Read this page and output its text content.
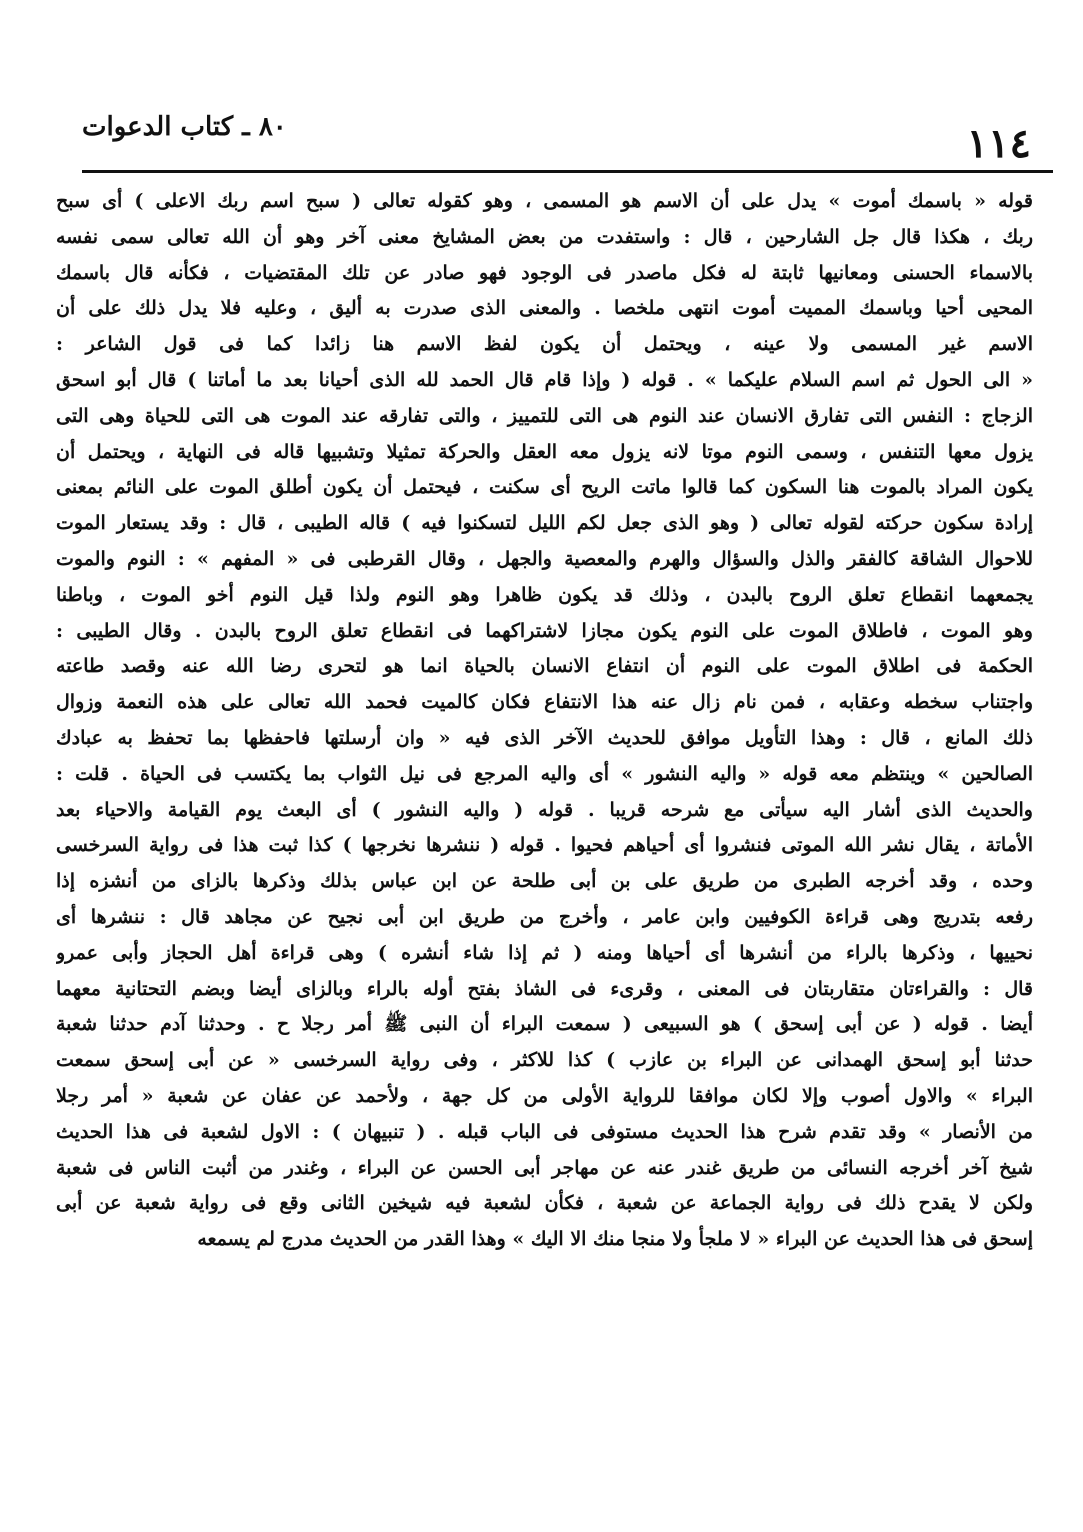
١١٤
٨٠ ـ كتاب الدعوات
قوله « باسمك أموت » يدل على أن الاسم هو المسمى ، وهو كقوله تعالى ( سبح اسم ربك الاعلى ) أى سبح
ربك ، هكذا قال جل الشارحين ، قال : واستفدت من بعض المشايخ معنى آخر وهو أن الله تعالى سمى نفسه
بالاسماء الحسنى ومعانيها ثابتة له فكل ماصدر فى الوجود فهو صادر عن تلك المقتضيات ، فكأنه قال باسمك
المحيى أحيا وباسمك المميت أموت انتهى ملخصا . والمعنى الذى صدرت به أليق ، وعليه فلا يدل ذلك على أن
الاسم غير المسمى ولا عينه ، ويحتمل أن يكون لفظ الاسم هنا زائدا كما فى قول الشاعر :
« الى الحول ثم اسم السلام عليكما » . قوله ( وإذا قام قال الحمد لله الذى أحيانا بعد ما أماتنا ) قال أبو اسحق
الزجاج : النفس التى تفارق الانسان عند النوم هى التى للتمييز ، والتى تفارقه عند الموت هى التى للحياة وهى التى
يزول معها التنفس ، وسمى النوم موتا لانه يزول معه العقل والحركة تمثيلا وتشبيها قاله فى النهاية ، ويحتمل أن
يكون المراد بالموت هنا السكون كما قالوا ماتت الريح أى سكنت ، فيحتمل أن يكون أطلق الموت على النائم بمعنى
إرادة سكون حركته لقوله تعالى ( وهو الذى جعل لكم الليل لتسكنوا فيه ) قاله الطيبى ، قال : وقد يستعار الموت
للاحوال الشاقة كالفقر والذل والسؤال والهرم والمعصية والجهل ، وقال القرطبى فى « المفهم » : النوم والموت
يجمعهما انقطاع تعلق الروح بالبدن ، وذلك قد يكون ظاهرا وهو النوم ولذا قيل النوم أخو الموت ، وباطنا
وهو الموت ، فاطلاق الموت على النوم يكون مجازا لاشتراكهما فى انقطاع تعلق الروح بالبدن . وقال الطيبى :
الحكمة فى اطلاق الموت على النوم أن انتفاع الانسان بالحياة انما هو لتحرى رضا الله عنه وقصد طاعته
واجتناب سخطه وعقابه ، فمن نام زال عنه هذا الانتفاع فكان كالميت فحمد الله تعالى على هذه النعمة وزوال
ذلك المانع ، قال : وهذا التأويل موافق للحديث الآخر الذى فيه « وان أرسلتها فاحفظها بما تحفظ به عبادك
الصالحين » وينتظم معه قوله « واليه النشور » أى واليه المرجع فى نيل الثواب بما يكتسب فى الحياة . قلت :
والحديث الذى أشار اليه سيأتى مع شرحه قريبا . قوله ( واليه النشور ) أى البعث يوم القيامة والاحياء بعد
الأماتة ، يقال نشر الله الموتى فنشروا أى أحياهم فحيوا . قوله ( ننشرها نخرجها ) كذا ثبت هذا فى رواية السرخسى
وحده ، وقد أخرجه الطبرى من طريق على بن أبى طلحة عن ابن عباس بذلك وذكرها بالزاى من أنشزه إذا
رفعه بتدريج وهى قراءة الكوفيين وابن عامر ، وأخرج من طريق ابن أبى نجيح عن مجاهد قال : ننشرها أى
نحييها ، وذكرها بالراء من أنشرها أى أحياها ومنه ( ثم إذا شاء أنشره ) وهى قراءة أهل الحجاز وأبى عمرو
قال : والقراءتان متقاربتان فى المعنى ، وقرىء فى الشاذ بفتح أوله بالراء وبالزاى أيضا وبضم التحتانية معهما
أيضا . قوله ( عن أبى إسحق ) هو السبيعى ( سمعت البراء أن النبى ﷺ أمر رجلا ح . وحدثنا آدم حدثنا شعبة
حدثنا أبو إسحق الهمدانى عن البراء بن عازب ) كذا للاكثر ، وفى رواية السرخسى « عن أبى إسحق سمعت
البراء » والاول أصوب وإلا لكان موافقا للرواية الأولى من كل جهة ، ولأحمد عن عفان عن شعبة « أمر رجلا
من الأنصار » وقد تقدم شرح هذا الحديث مستوفى فى الباب قبله . ( تنبيهان ) : الاول لشعبة فى هذا الحديث
شيخ آخر أخرجه النسائى من طريق غندر عنه عن مهاجر أبى الحسن عن البراء ، وغندر من أثبت الناس فى شعبة
ولكن لا يقدح ذلك فى رواية الجماعة عن شعبة ، فكأن لشعبة فيه شيخين الثانى وقع فى رواية شعبة عن أبى
إسحق فى هذا الحديث عن البراء « لا ملجأ ولا منجا منك الا اليك » وهذا القدر من الحديث مدرج لم يسمعه
